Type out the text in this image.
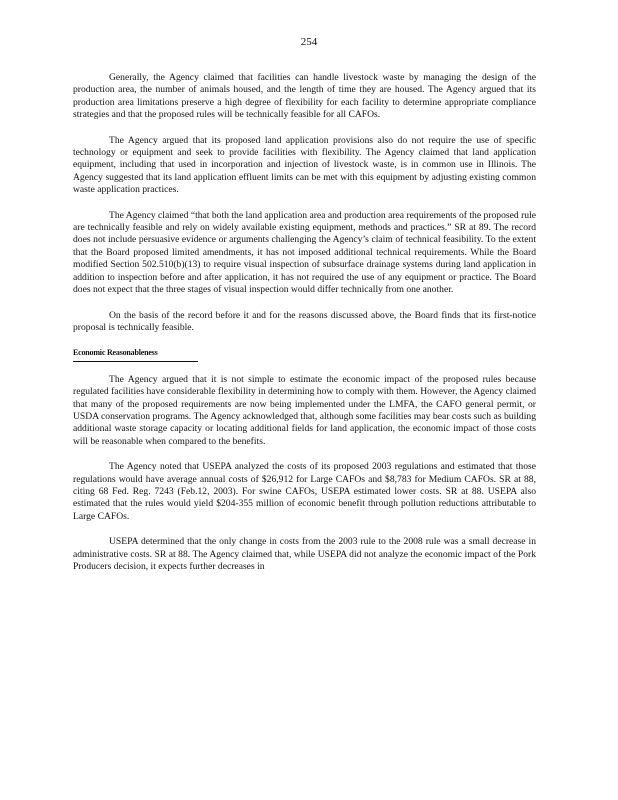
254

Generally, the Agency claimed that facilities can handle livestock waste by managing the design of the production area, the number of animals housed, and the length of time they are housed. The Agency argued that its production area limitations preserve a high degree of flexibility for each facility to determine appropriate compliance strategies and that the proposed rules will be technically feasible for all CAFOs.

The Agency argued that its proposed land application provisions also do not require the use of specific technology or equipment and seek to provide facilities with flexibility. The Agency claimed that land application equipment, including that used in incorporation and injection of livestock waste, is in common use in Illinois. The Agency suggested that its land application effluent limits can be met with this equipment by adjusting existing common waste application practices.

The Agency claimed “that both the land application area and production area requirements of the proposed rule are technically feasible and rely on widely available existing equipment, methods and practices.” SR at 89. The record does not include persuasive evidence or arguments challenging the Agency’s claim of technical feasibility. To the extent that the Board proposed limited amendments, it has not imposed additional technical requirements. While the Board modified Section 502.510(b)(13) to require visual inspection of subsurface drainage systems during land application in addition to inspection before and after application, it has not required the use of any equipment or practice. The Board does not expect that the three stages of visual inspection would differ technically from one another.

On the basis of the record before it and for the reasons discussed above, the Board finds that its first-notice proposal is technically feasible.

Economic Reasonableness

The Agency argued that it is not simple to estimate the economic impact of the proposed rules because regulated facilities have considerable flexibility in determining how to comply with them. However, the Agency claimed that many of the proposed requirements are now being implemented under the LMFA, the CAFO general permit, or USDA conservation programs. The Agency acknowledged that, although some facilities may bear costs such as building additional waste storage capacity or locating additional fields for land application, the economic impact of those costs will be reasonable when compared to the benefits.

The Agency noted that USEPA analyzed the costs of its proposed 2003 regulations and estimated that those regulations would have average annual costs of $26,912 for Large CAFOs and $8,783 for Medium CAFOs. SR at 88, citing 68 Fed. Reg. 7243 (Feb.12, 2003). For swine CAFOs, USEPA estimated lower costs. SR at 88. USEPA also estimated that the rules would yield $204-355 million of economic benefit through pollution reductions attributable to Large CAFOs.

USEPA determined that the only change in costs from the 2003 rule to the 2008 rule was a small decrease in administrative costs. SR at 88. The Agency claimed that, while USEPA did not analyze the economic impact of the Pork Producers decision, it expects further decreases in
